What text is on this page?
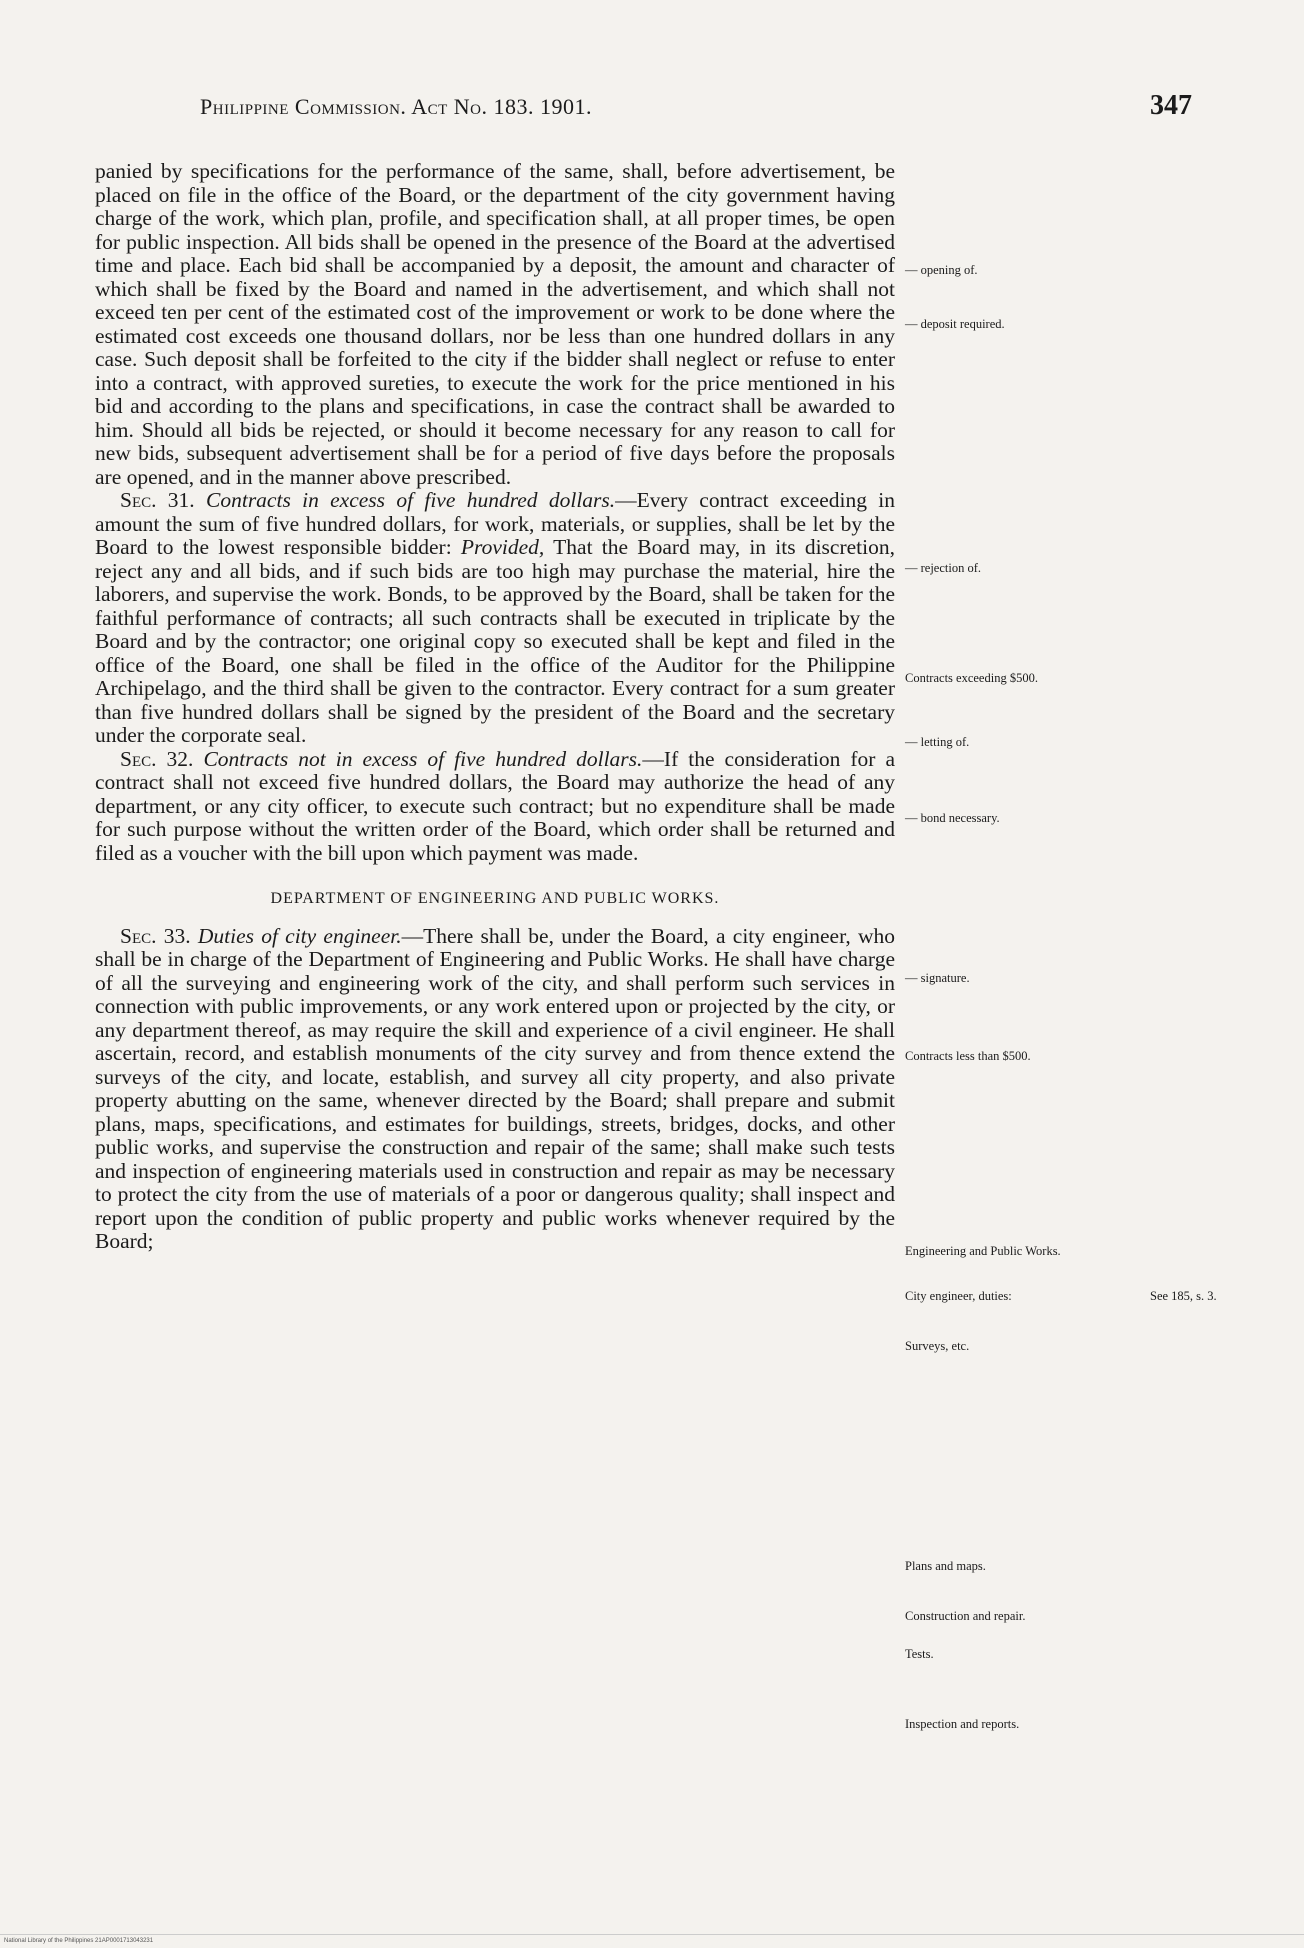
Philippine Commission. Act No. 183. 1901.	347

panied by specifications for the performance of the same, shall, before advertisement, be placed on file in the office of the Board, or the department of the city government having charge of the work, which plan, profile, and specification shall, at all proper times, be open for public inspection. All bids shall be opened in the presence of the Board at the advertised time and place. Each bid shall be accompanied by a deposit, the amount and character of which shall be fixed by the Board and named in the advertisement, and which shall not exceed ten per cent of the estimated cost of the improvement or work to be done where the estimated cost exceeds one thousand dollars, nor be less than one hundred dollars in any case. Such deposit shall be forfeited to the city if the bidder shall neglect or refuse to enter into a contract, with approved sureties, to execute the work for the price mentioned in his bid and according to the plans and specifications, in case the contract shall be awarded to him. Should all bids be rejected, or should it become necessary for any reason to call for new bids, subsequent advertisement shall be for a period of five days before the proposals are opened, and in the manner above prescribed.

Sec. 31. Contracts in excess of five hundred dollars.—Every contract exceeding in amount the sum of five hundred dollars, for work, materials, or supplies, shall be let by the Board to the lowest responsible bidder: Provided, That the Board may, in its discretion, reject any and all bids, and if such bids are too high may purchase the material, hire the laborers, and supervise the work. Bonds, to be approved by the Board, shall be taken for the faithful performance of contracts; all such contracts shall be executed in triplicate by the Board and by the contractor; one original copy so executed shall be kept and filed in the office of the Board, one shall be filed in the office of the Auditor for the Philippine Archipelago, and the third shall be given to the contractor. Every contract for a sum greater than five hundred dollars shall be signed by the president of the Board and the secretary under the corporate seal.

Sec. 32. Contracts not in excess of five hundred dollars.—If the consideration for a contract shall not exceed five hundred dollars, the Board may authorize the head of any department, or any city officer, to execute such contract; but no expenditure shall be made for such purpose without the written order of the Board, which order shall be returned and filed as a voucher with the bill upon which payment was made.

DEPARTMENT OF ENGINEERING AND PUBLIC WORKS.

Sec. 33. Duties of city engineer.—There shall be, under the Board, a city engineer, who shall be in charge of the Department of Engineering and Public Works. He shall have charge of all the surveying and engineering work of the city, and shall perform such services in connection with public improvements, or any work entered upon or projected by the city, or any department thereof, as may require the skill and experience of a civil engineer. He shall ascertain, record, and establish monuments of the city survey and from thence extend the surveys of the city, and locate, establish, and survey all city property, and also private property abutting on the same, whenever directed by the Board; shall prepare and submit plans, maps, specifications, and estimates for buildings, streets, bridges, docks, and other public works, and supervise the construction and repair of the same; shall make such tests and inspection of engineering materials used in construction and repair as may be necessary to protect the city from the use of materials of a poor or dangerous quality; shall inspect and report upon the condition of public property and public works whenever required by the Board;

— opening of.
— deposit required.
— rejection of.
Contracts exceeding $500.
— letting of.
— bond necessary.
— signature.
Contracts less than $500.
Engineering and Public Works.
City engineer, duties:	See 185, s. 3.
Surveys, etc.
Plans and maps.
Construction and repair.
Tests.
Inspection and reports.
National Library of the Philippines 21AP0001713043231
